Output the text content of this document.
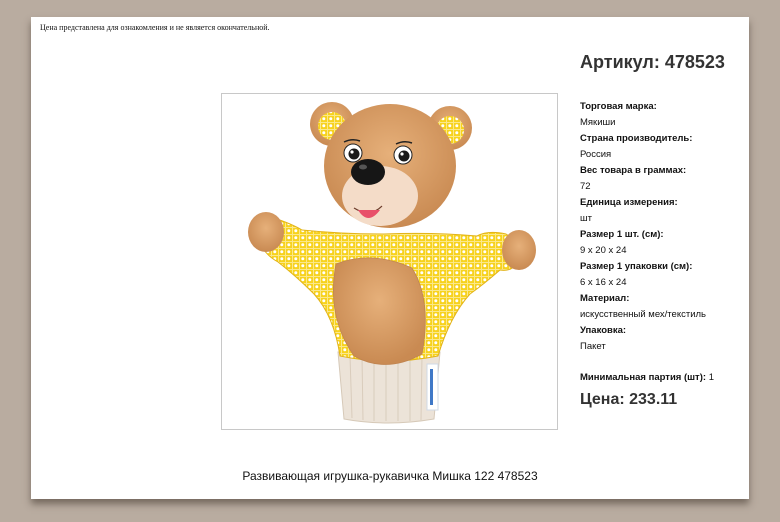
Цена представлена для ознакомления и не является окончательной.
Артикул: 478523
Торговая марка:
Мякиши
Страна производитель:
Россия
Вес товара в граммах:
72
Единица измерения:
шт
Размер 1 шт. (см):
9 x 20 x 24
Размер 1 упаковки (см):
6 x 16 x 24
Материал:
искусственный мех/текстиль
Упаковка:
Пакет
Минимальная партия (шт): 1
Цена: 233.11
Развивающая игрушка-рукавичка Мишка 122 478523
